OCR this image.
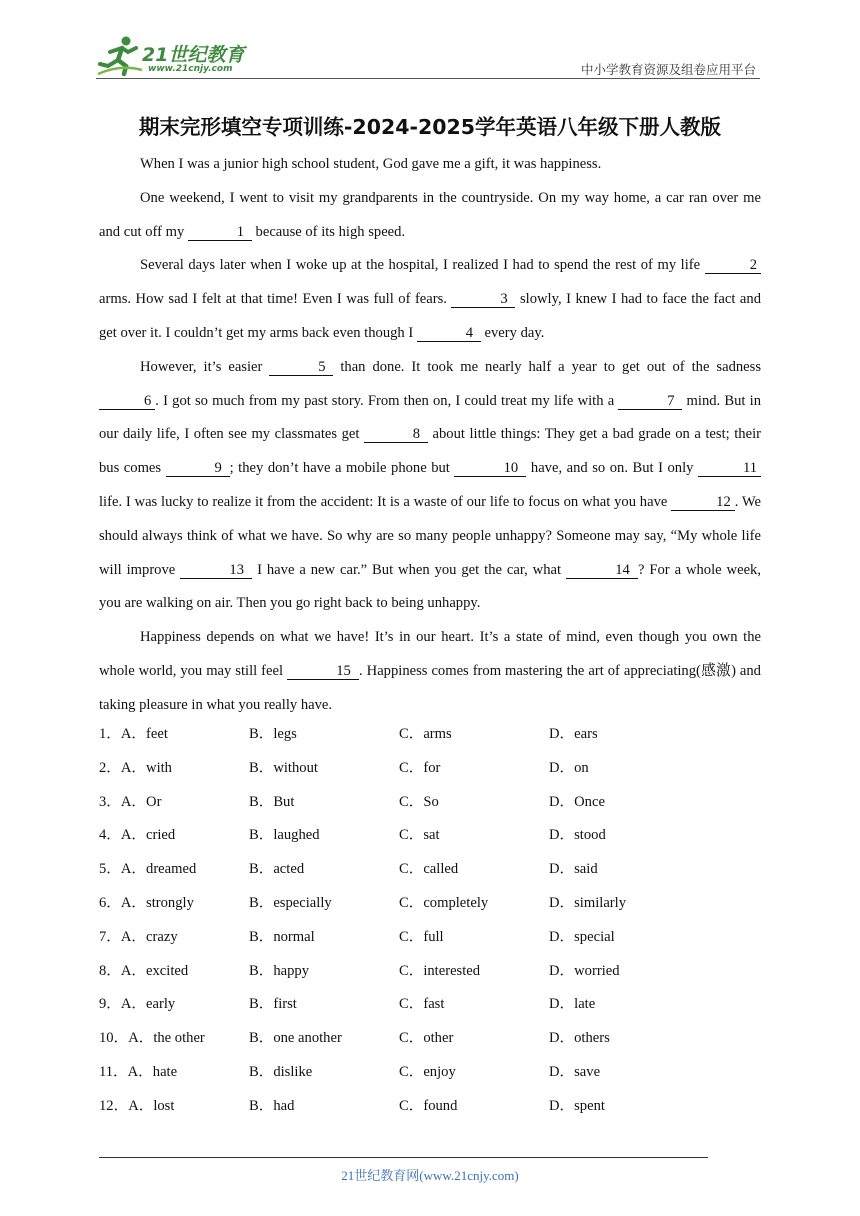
21世纪教育
www.21cnjy.com	中小学教育资源及组卷应用平台
期末完形填空专项训练-2024-2025学年英语八年级下册人教版

When I was a junior high school student, God gave me a gift, it was happiness.

One weekend, I went to visit my grandparents in the countryside. On my way home, a car ran over me and cut off my	1 because of its high speed.

Several days later when I woke up at the hospital, I realized I had to spend the rest of my life	2 arms. How sad I felt at that time! Even I was full of fears.	3 slowly, I knew I had to face the fact and get over it. I couldn’t get my arms back even though I	4 every day.

However, it’s easier	5 than done. It took me nearly half a year to get out of the sadness 6 . I got so much from my past story. From then on, I could treat my life with a	7 mind. But in our daily life, I often see my classmates get	8 about little things: They get a bad grade on a test; their bus comes	9 ; they don’t have a mobile phone but	10 have, and so on. But I only	11 life. I was lucky to realize it from the accident: It is a waste of our life to focus on what you have	12 . We should always think of what we have. So why are so many people unhappy? Someone may say, “My whole life will improve	13 I have a new car.” But when you get the car, what	14 ? For a whole week, you are walking on air. Then you go right back to being unhappy.

Happiness depends on what we have! It’s in our heart. It’s a state of mind, even though you own the whole world, you may still feel	15 . Happiness comes from mastering the art of appreciating(感激) and taking pleasure in what you really have.

1．A．feet	B．legs	C．arms	D．ears
2．A．with	B．without	C．for	D．on
3．A．Or	B．But	C．So	D．Once
4．A．cried	B．laughed	C．sat	D．stood
5．A．dreamed	B．acted	C．called	D．said
6．A．strongly	B．especially	C．completely	D．similarly
7．A．crazy	B．normal	C．full	D．special
8．A．excited	B．happy	C．interested	D．worried
9．A．early	B．first	C．fast	D．late
10．A．the other	B．one another	C．other	D．others
11．A．hate	B．dislike	C．enjoy	D．save
12．A．lost	B．had	C．found	D．spent
21世纪教育网(www.21cnjy.com)
